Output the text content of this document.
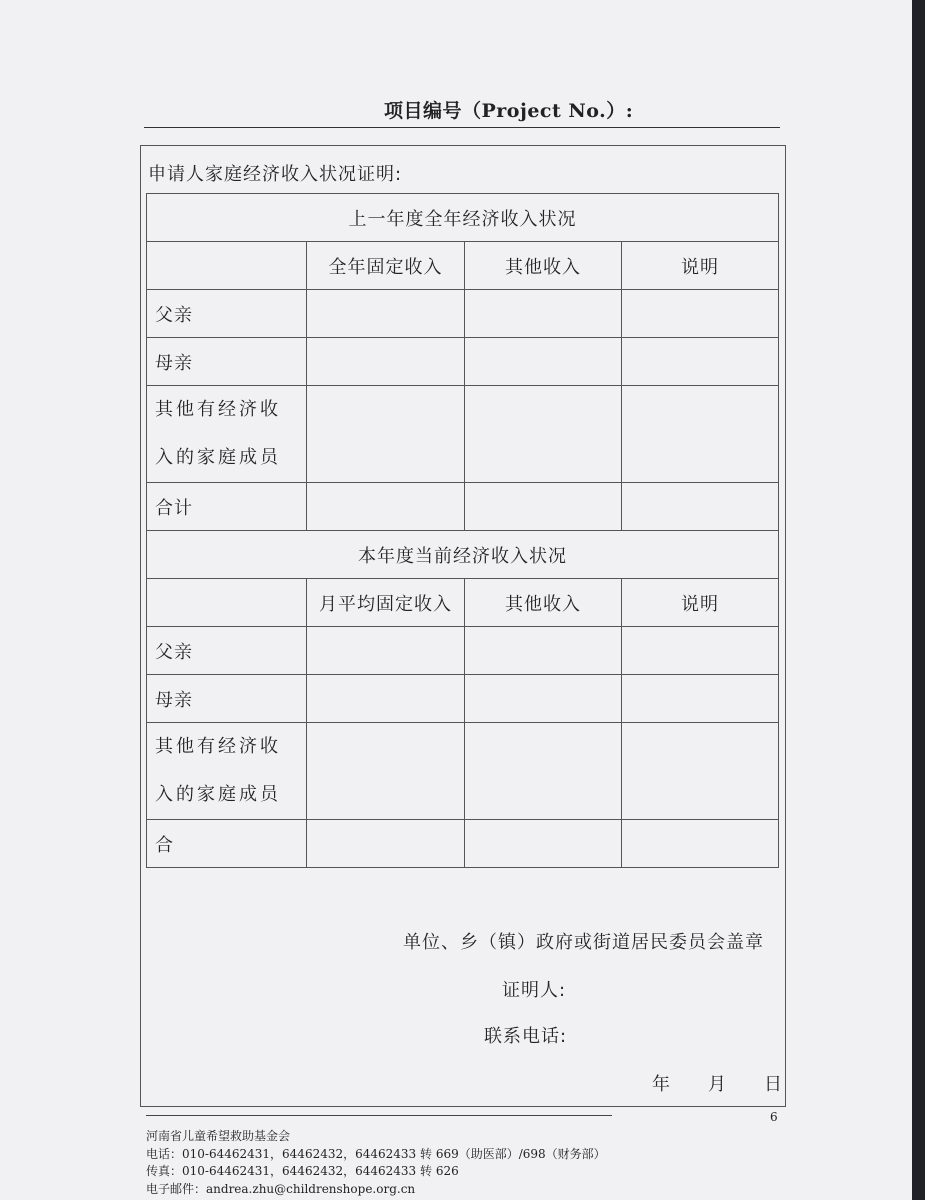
项目编号（Project No.）:
申请人家庭经济收入状况证明:
上一年度全年经济收入状况			
	全年固定收入	其他收入	说明
父亲			
母亲			
其他有经济收入的家庭成员			
合计			
本年度当前经济收入状况			
	月平均固定收入	其他收入	说明
父亲			
母亲			
其他有经济收入的家庭成员			
合			
单位、乡（镇）政府或街道居民委员会盖章
证明人:
联系电话:
年 月 日
6
河南省儿童希望救助基金会
电话：010-64462431，64462432，64462433 转 669（助医部）/698（财务部）
传真：010-64462431，64462432，64462433 转 626
电子邮件：andrea.zhu@childrenshope.org.cn
